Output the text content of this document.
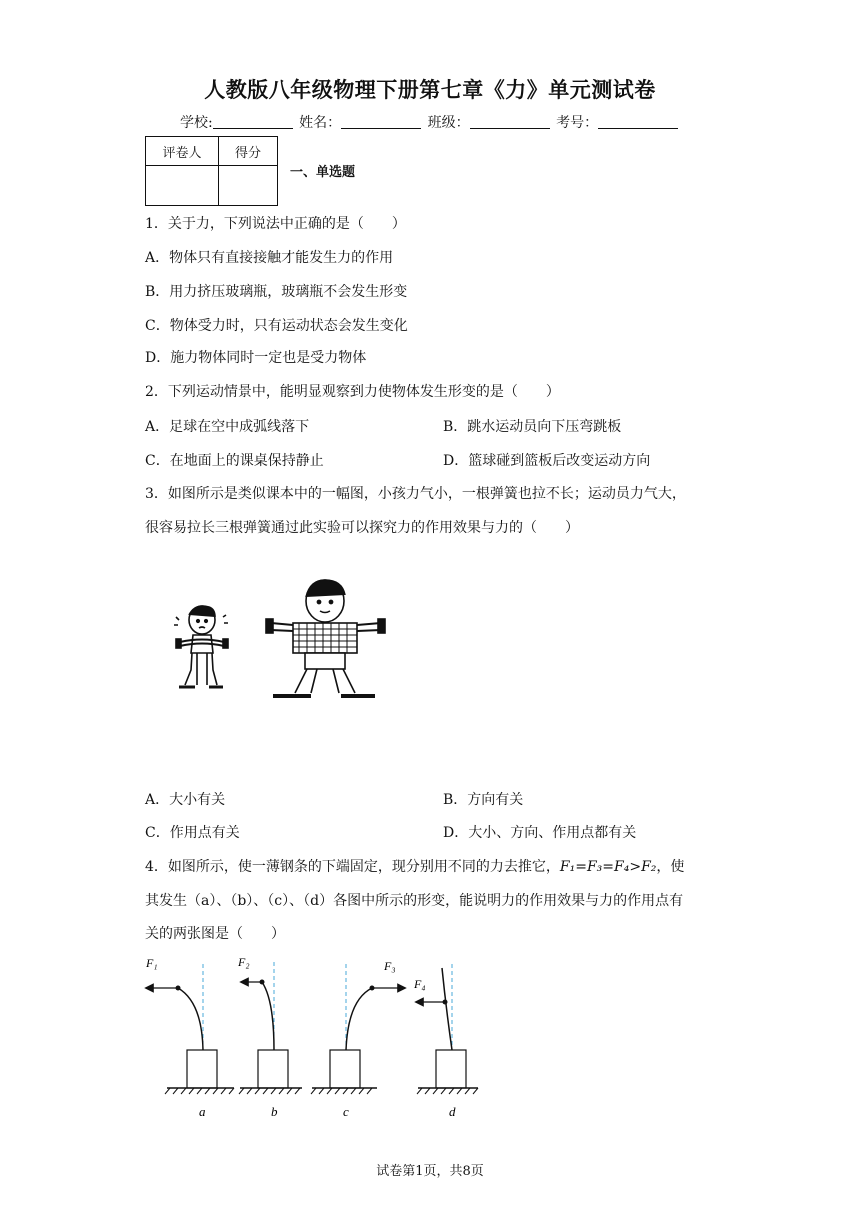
人教版八年级物理下册第七章《力》单元测试卷
学校:	姓名：	班级：	考号：
评卷人	得分

一、单选题
1．关于力，下列说法中正确的是（　　）
A．物体只有直接接触才能发生力的作用
B．用力挤压玻璃瓶，玻璃瓶不会发生形变
C．物体受力时，只有运动状态会发生变化
D．施力物体同时一定也是受力物体
2．下列运动情景中，能明显观察到力使物体发生形变的是（　　）
A．足球在空中成弧线落下	B．跳水运动员向下压弯跳板
C．在地面上的课桌保持静止	D．篮球碰到篮板后改变运动方向
3．如图所示是类似课本中的一幅图，小孩力气小，一根弹簧也拉不长；运动员力气大，
很容易拉长三根弹簧通过此实验可以探究力的作用效果与力的（　　）
A．大小有关	B．方向有关
C．作用点有关	D．大小、方向、作用点都有关
4．如图所示，使一薄钢条的下端固定，现分别用不同的力去推它，F₁=F₃=F₄>F₂，使
其发生（a）、（b）、（c）、（d）各图中所示的形变，能说明力的作用效果与力的作用点有
关的两张图是（　　）
F₁
a
F₂
b
F₃
c
F₄
d
试卷第1页，共8页
